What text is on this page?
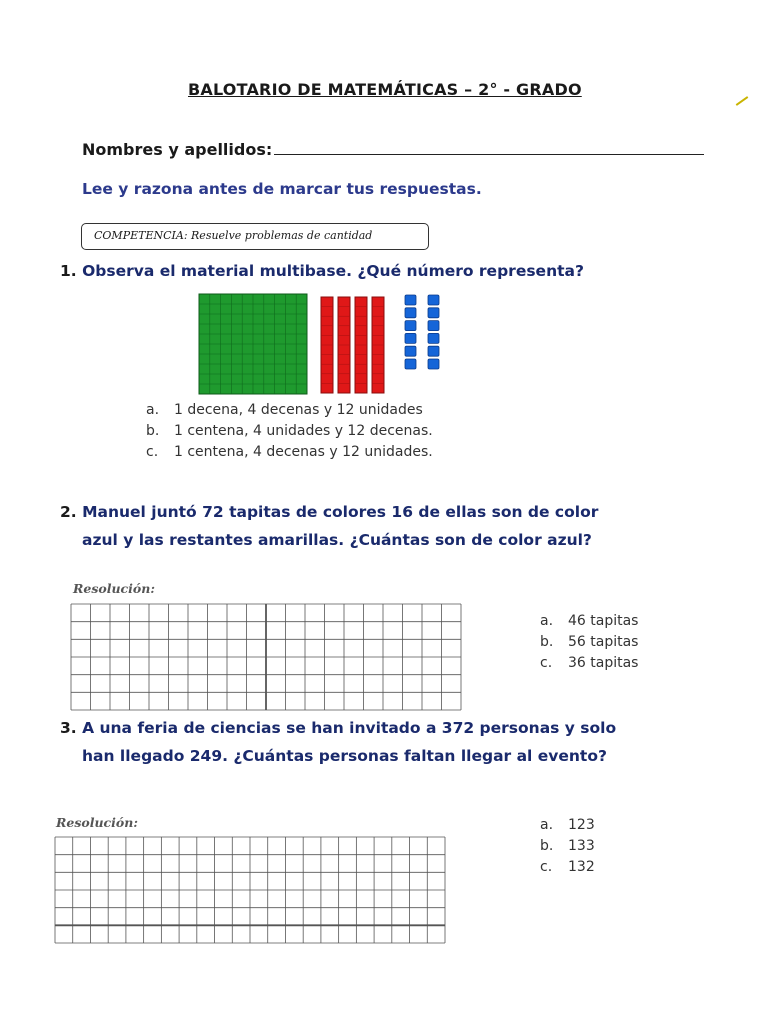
BALOTARIO DE MATEMÁTICAS – 2° - GRADO
Nombres y apellidos:
Lee y razona antes de marcar tus respuestas.
COMPETENCIA: Resuelve problemas de cantidad
1. Observa el material multibase. ¿Qué número representa?
a. 1 decena, 4 decenas y 12 unidades
b. 1 centena, 4 unidades y 12 decenas.
c. 1 centena, 4 decenas y 12 unidades.
2. Manuel juntó 72 tapitas de colores 16 de ellas son de color
azul y las restantes amarillas. ¿Cuántas son de color azul?
Resolución:
a. 46 tapitas
b. 56 tapitas
c. 36 tapitas
3. A una feria de ciencias se han invitado a 372 personas y solo
han llegado 249. ¿Cuántas personas faltan llegar al evento?
Resolución:	a. 123
b. 133
c. 132
